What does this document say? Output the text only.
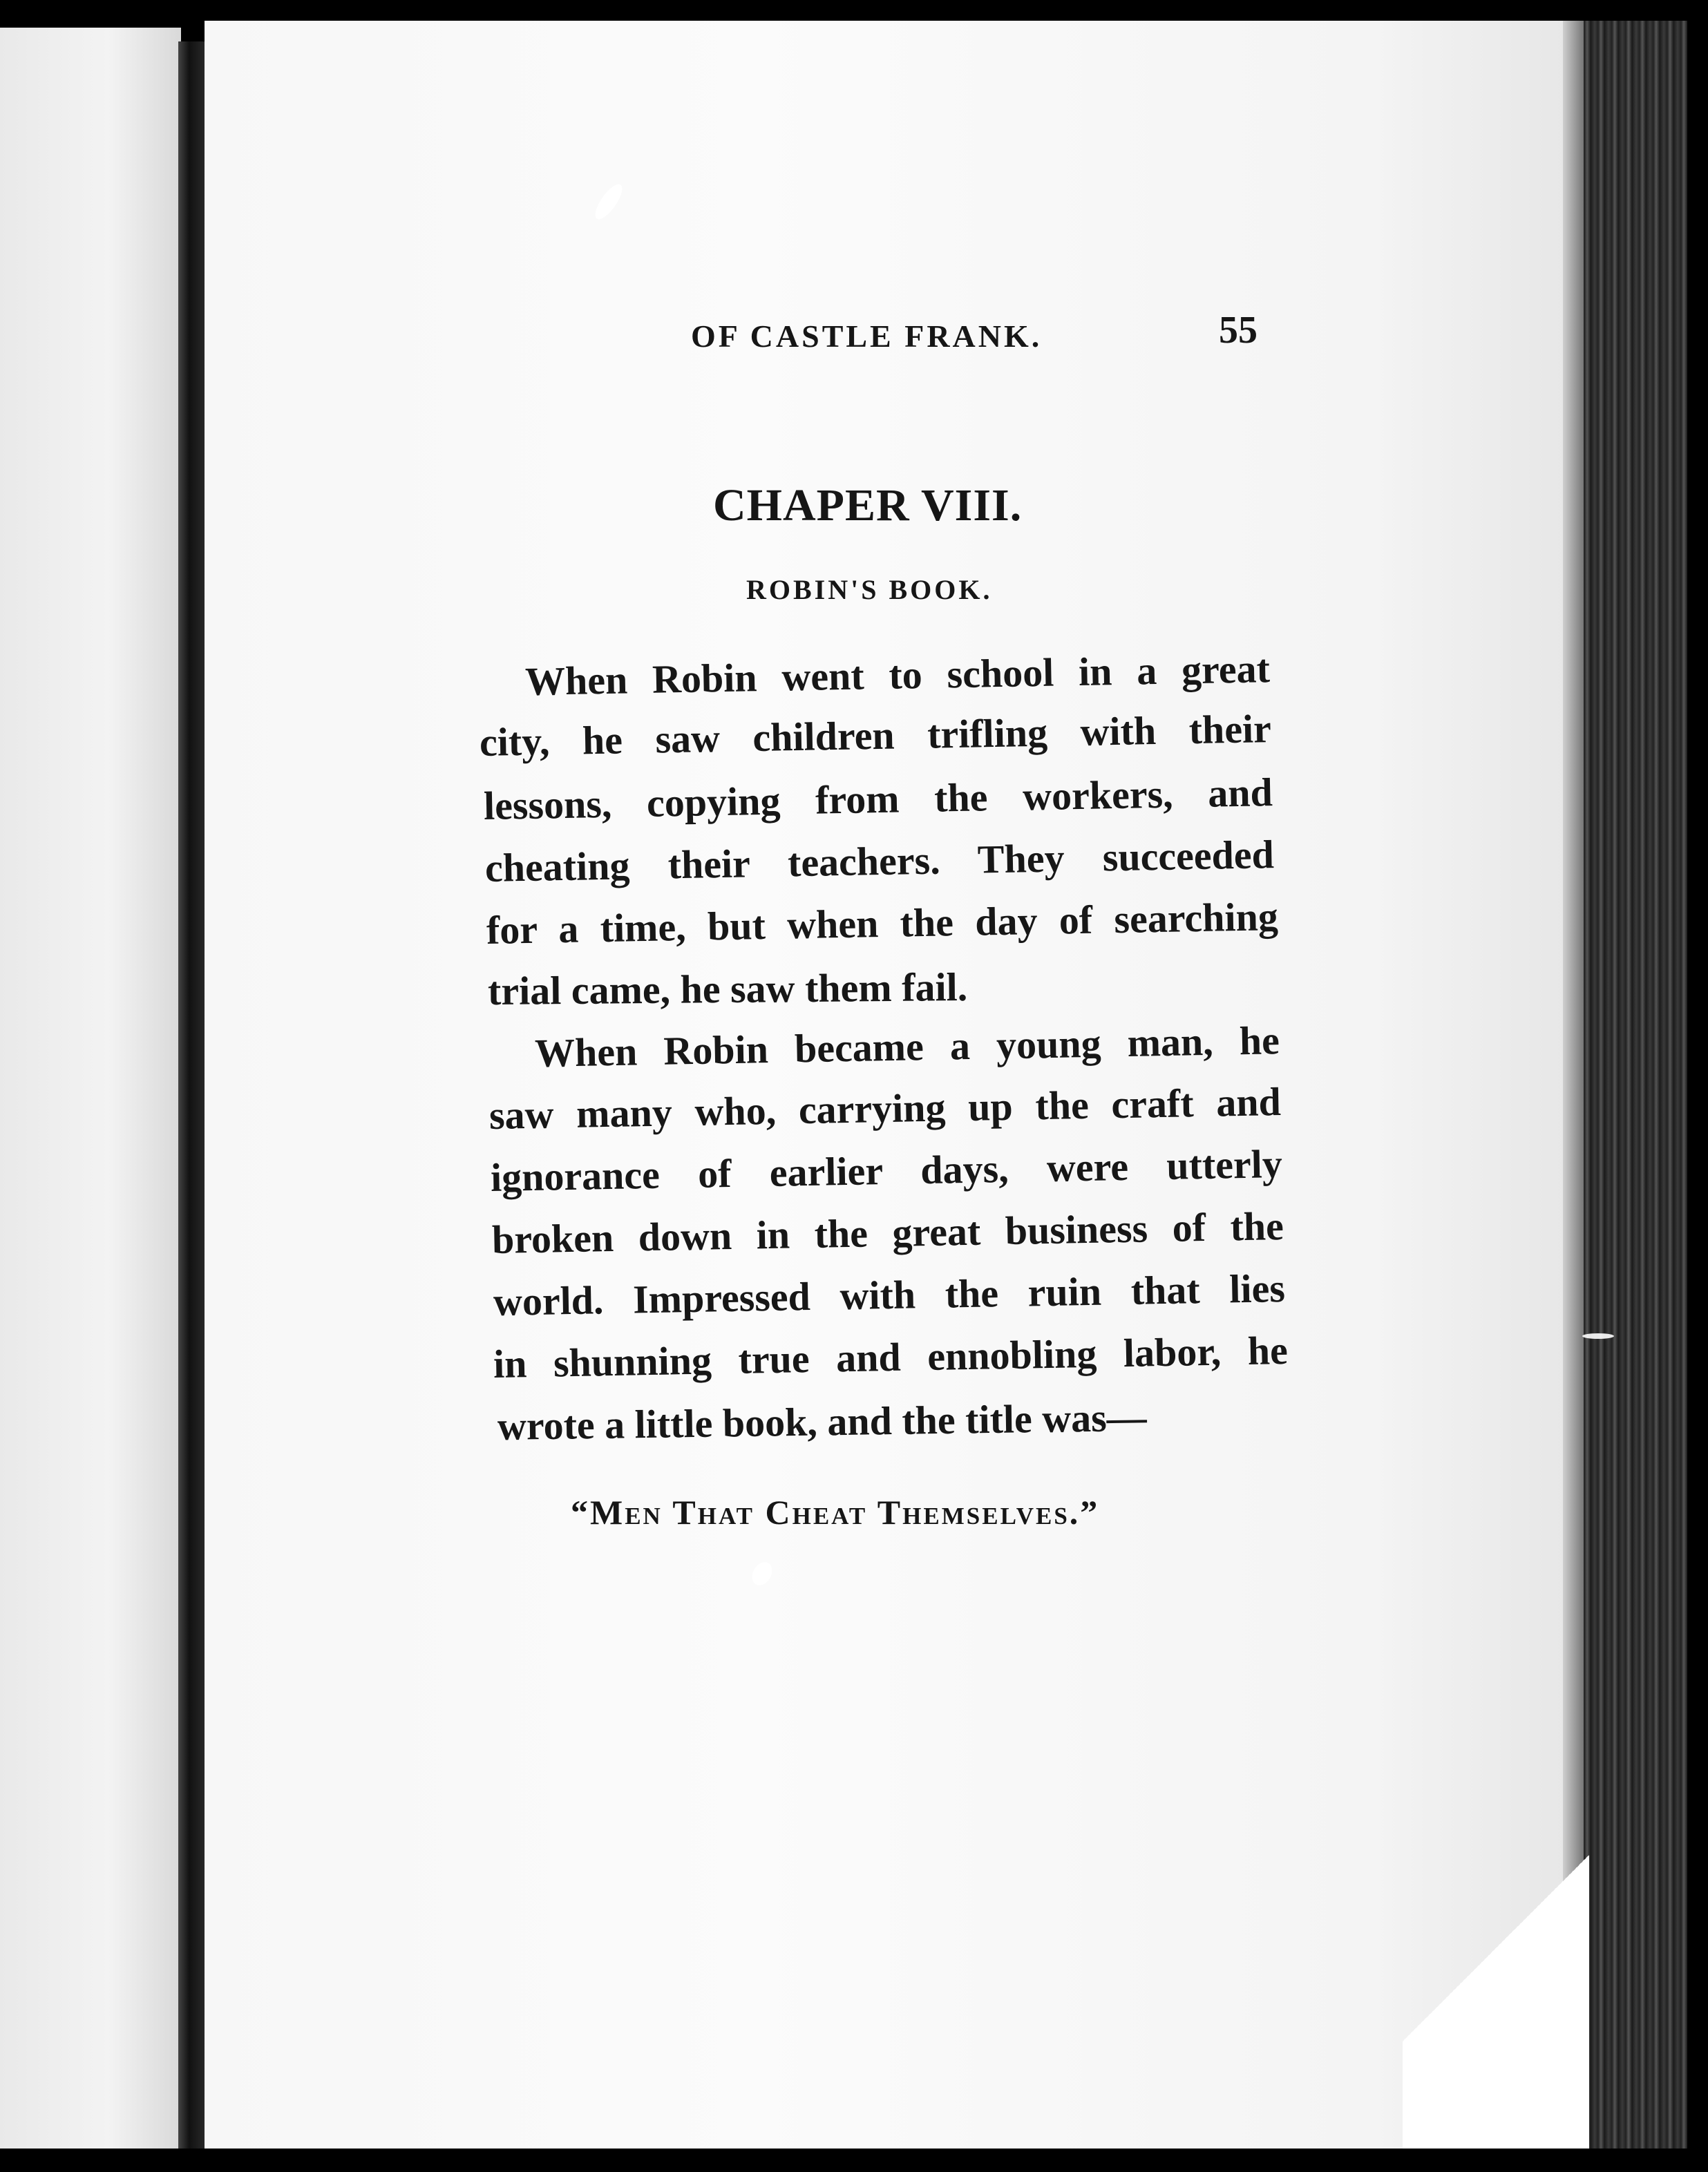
OF CASTLE FRANK.	55
CHAPER VIII.
ROBIN'S BOOK.
When Robin went to school in a great
city, he saw children trifling with their
lessons, copying from the workers, and
cheating their teachers. They succeeded
for a time, but when the day of searching
trial came, he saw them fail.
When Robin became a young man, he
saw many who, carrying up the craft and
ignorance of earlier days, were utterly
broken down in the great business of the
world. Impressed with the ruin that lies
in shunning true and ennobling labor, he
wrote a little book, and the title was—
“Men That Cheat Themselves.”
